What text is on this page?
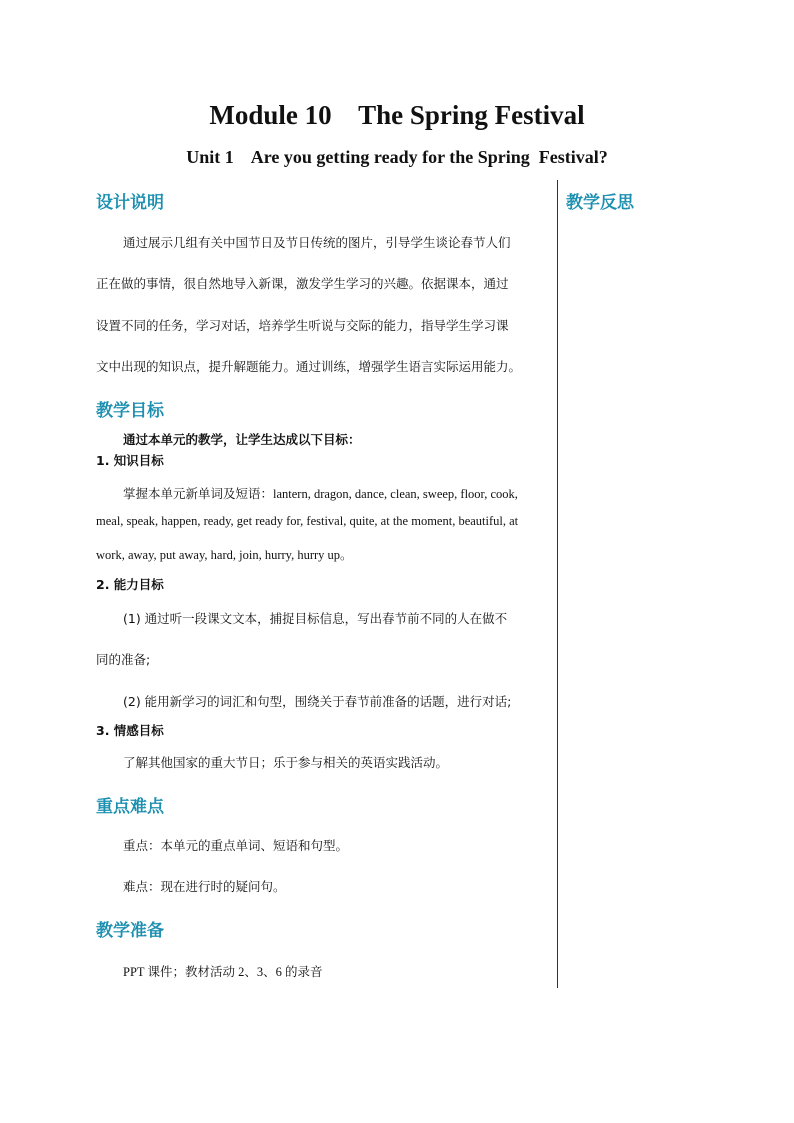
Module 10    The Spring Festival
Unit 1    Are you getting ready for the Spring  Festival?
教学反思
设计说明
通过展示几组有关中国节日及节日传统的图片，引导学生谈论春节人们
正在做的事情，很自然地导入新课，激发学生学习的兴趣。依据课本，通过
设置不同的任务，学习对话，培养学生听说与交际的能力，指导学生学习课
文中出现的知识点，提升解题能力。通过训练，增强学生语言实际运用能力。
教学目标
通过本单元的教学，让学生达成以下目标：
1. 知识目标
掌握本单元新单词及短语：lantern, dragon, dance, clean, sweep, floor, cook,
meal, speak, happen, ready, get ready for, festival, quite, at the moment, beautiful, at
work, away, put away, hard, join, hurry, hurry up。
2. 能力目标
(1) 通过听一段课文文本，捕捉目标信息，写出春节前不同的人在做不
同的准备;
(2) 能用新学习的词汇和句型，围绕关于春节前准备的话题，进行对话;
3. 情感目标
了解其他国家的重大节日；乐于参与相关的英语实践活动。
重点难点
重点：本单元的重点单词、短语和句型。
难点：现在进行时的疑问句。
教学准备
PPT 课件；教材活动 2、3、6 的录音
